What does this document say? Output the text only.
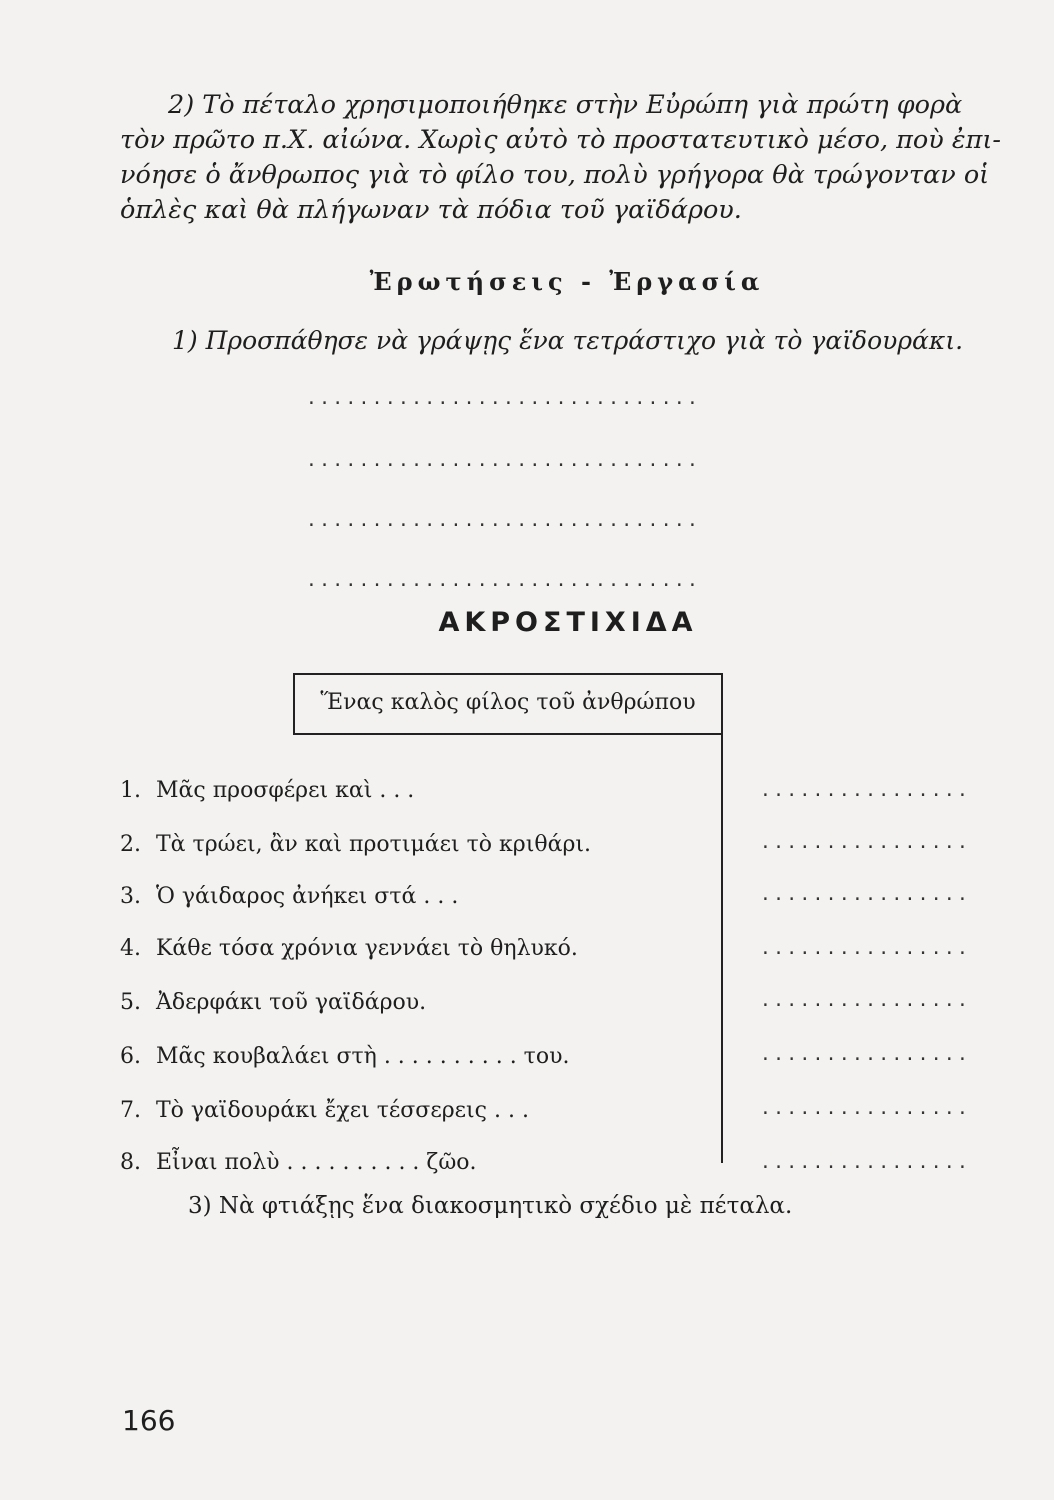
2) Τὸ πέταλο χρησιμοποιήθηκε στὴν Εὐρώπη γιὰ πρώτη φορὰ
τὸν πρῶτο π.Χ. αἰώνα. Χωρὶς αὐτὸ τὸ προστατευτικὸ μέσο, ποὺ ἐπι-
νόησε ὁ ἄνθρωπος γιὰ τὸ φίλο του, πολὺ γρήγορα θὰ τρώγονταν οἱ
ὁπλὲς καὶ θὰ πλήγωναν τὰ πόδια τοῦ γαϊδάρου.
Ἐρωτήσεις - Ἐργασία
1) Προσπάθησε νὰ γράψῃς ἕνα τετράστιχο γιὰ τὸ γαϊδουράκι.
..............................
..............................
..............................
..............................
ΑΚΡΟΣΤΙΧΙΔΑ
Ἕνας καλὸς φίλος τοῦ ἀνθρώπου
1. Μᾶς προσφέρει καὶ . . .	................
2. Τὰ τρώει, ἂν καὶ προτιμάει τὸ κριθάρι.	................
3. Ὁ γάιδαρος ἀνήκει στά . . .	................
4. Κάθε τόσα χρόνια γεννάει τὸ θηλυκό.	................
5. Ἀδερφάκι τοῦ γαϊδάρου.	................
6. Μᾶς κουβαλάει στὴ . . . . . . . . . . τoυ.	................
7. Τὸ γαϊδουράκι ἔχει τέσσερεις . . .	................
8. Εἶναι πολὺ . . . . . . . . . . ζῶο.	................
3) Νὰ φτιάξῃς ἕνα διακοσμητικὸ σχέδιο μὲ πέταλα.
166
